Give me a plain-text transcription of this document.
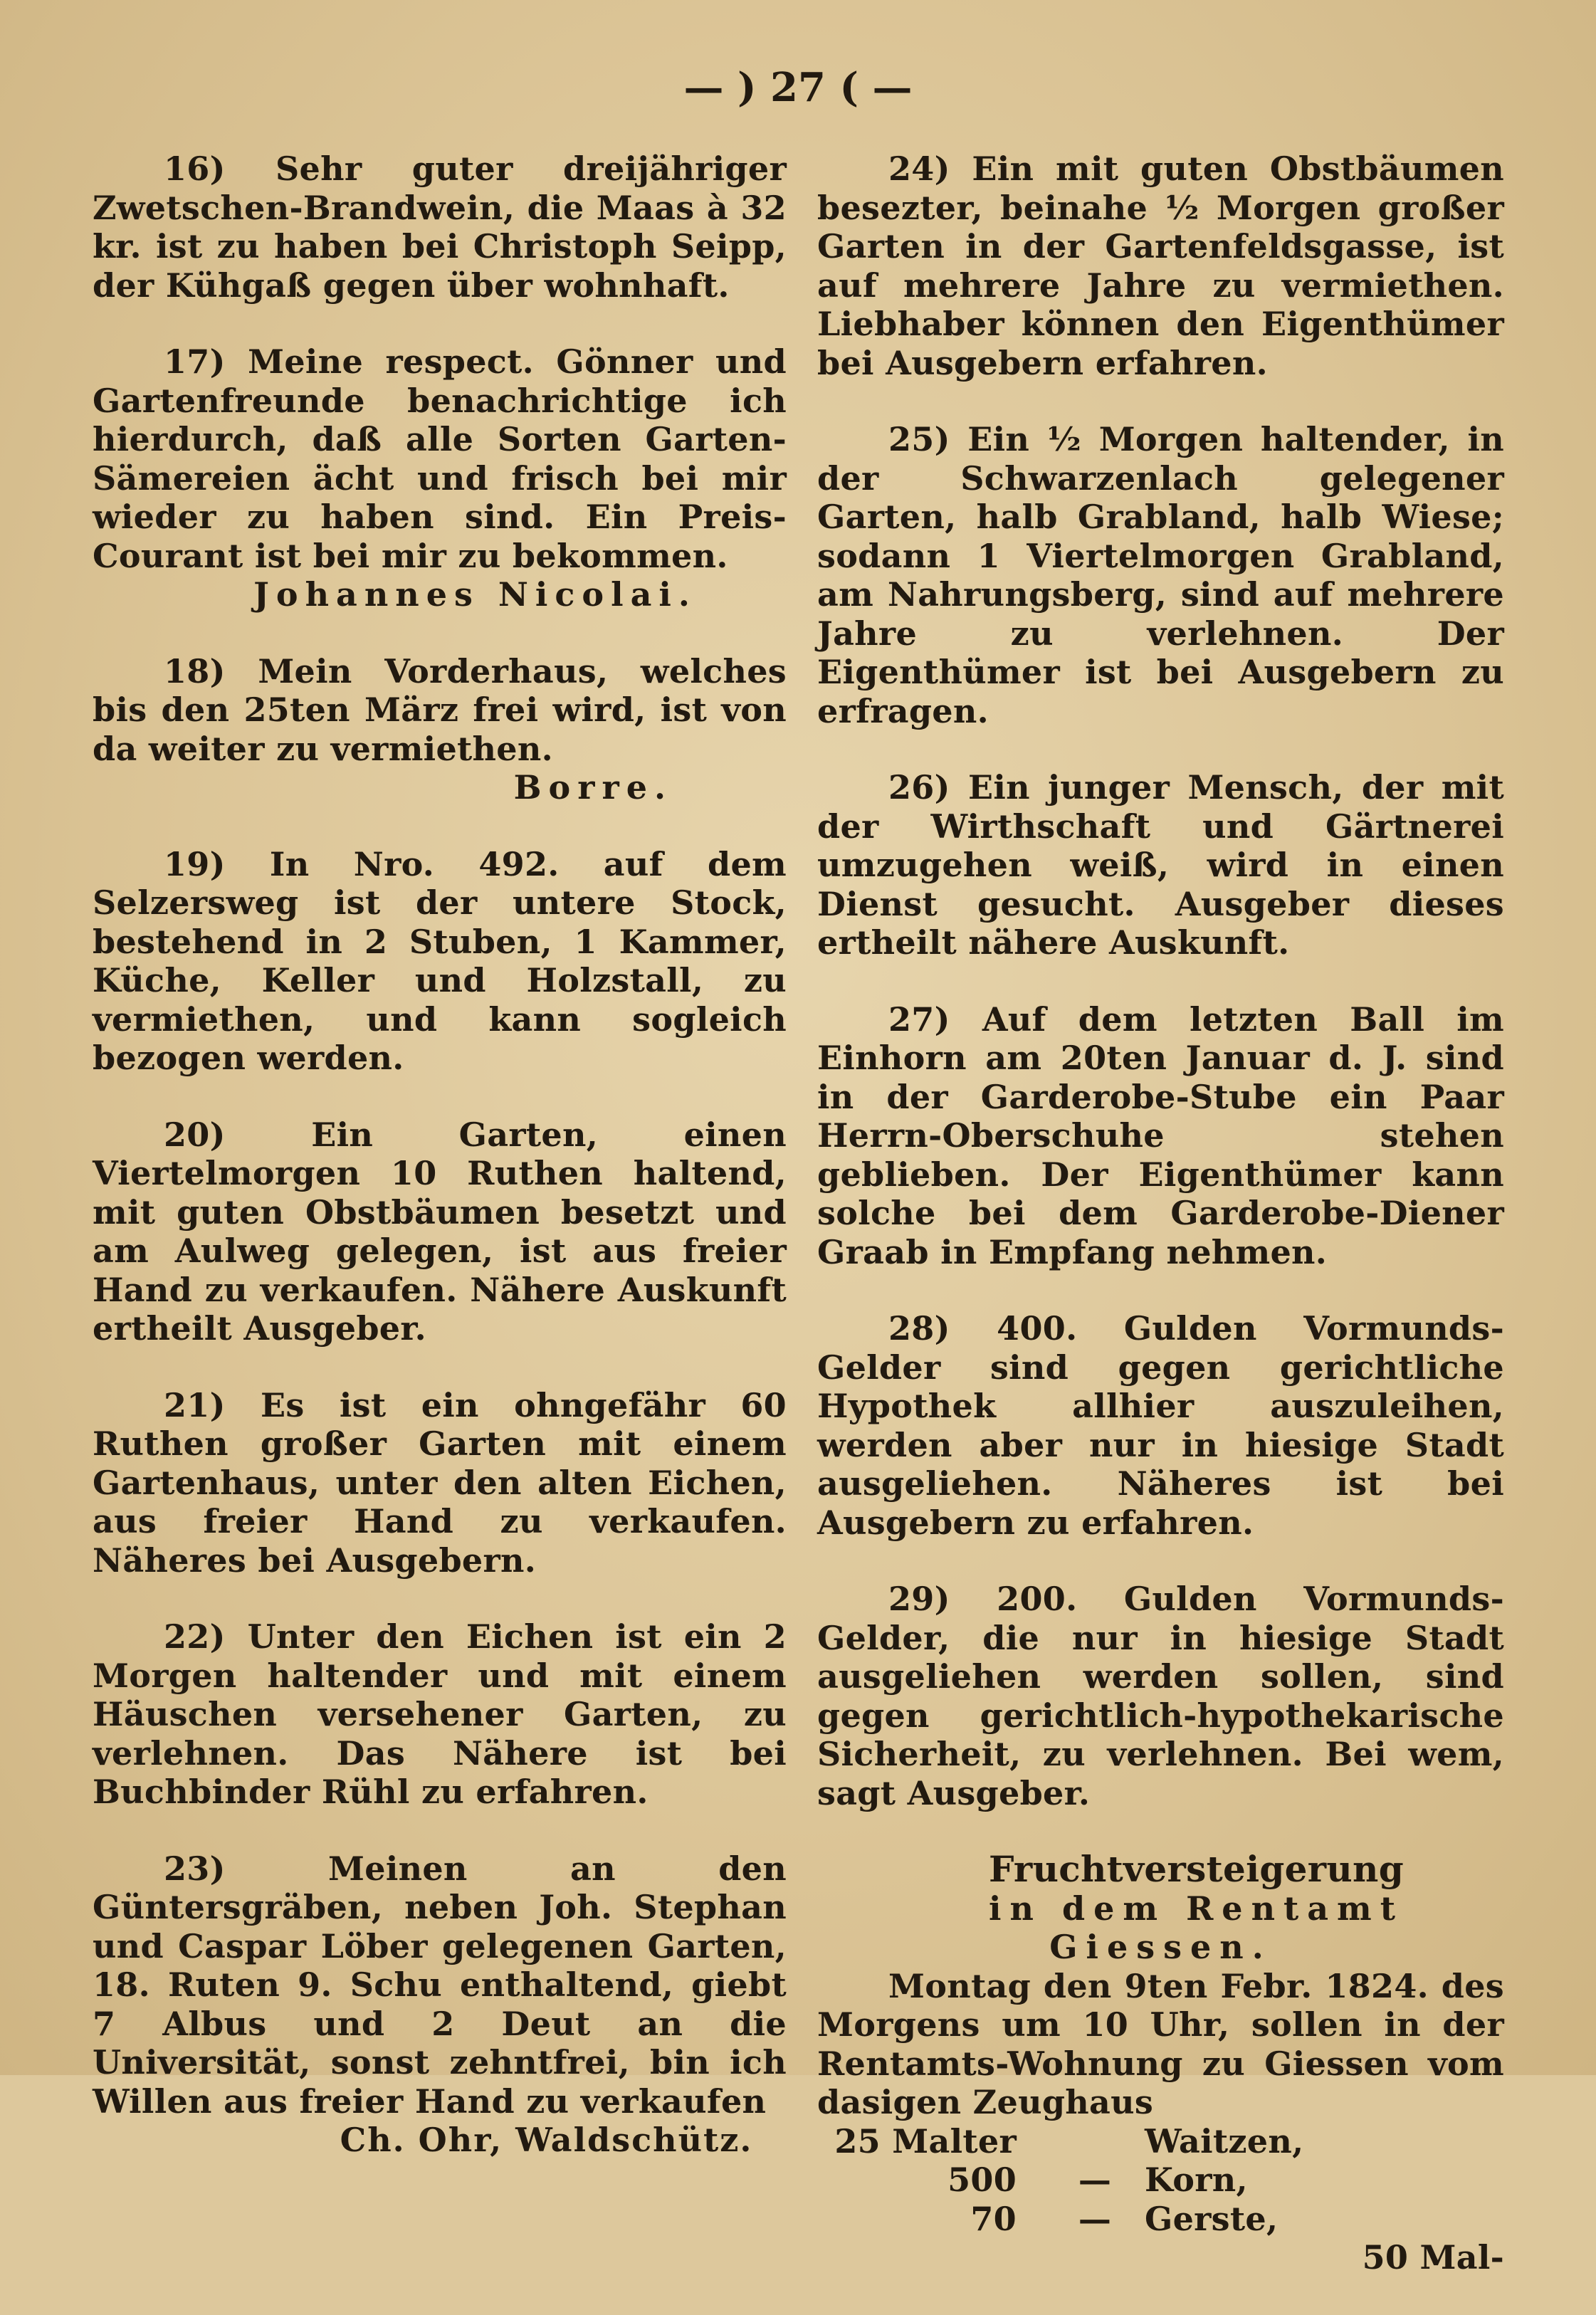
— ) 27 ( —

16) Sehr guter dreijähriger Zwetschen-Brandwein, die Maas à 32 kr. ist zu haben bei Christoph Seipp, der Kühgaß gegen über wohnhaft.

17) Meine respect. Gönner und Gartenfreunde benachrichtige ich hierdurch, daß alle Sorten Garten-Sämereien ächt und frisch bei mir wieder zu haben sind. Ein Preis-Courant ist bei mir zu bekommen.

Johannes Nicolai.

18) Mein Vorderhaus, welches bis den 25ten März frei wird, ist von da weiter zu vermiethen.

Borre.

19) In Nro. 492. auf dem Selzersweg ist der untere Stock, bestehend in 2 Stuben, 1 Kammer, Küche, Keller und Holzstall, zu vermiethen, und kann sogleich bezogen werden.

20) Ein Garten, einen Viertelmorgen 10 Ruthen haltend, mit guten Obstbäumen besetzt und am Aulweg gelegen, ist aus freier Hand zu verkaufen. Nähere Auskunft ertheilt Ausgeber.

21) Es ist ein ohngefähr 60 Ruthen großer Garten mit einem Gartenhaus, unter den alten Eichen, aus freier Hand zu verkaufen. Näheres bei Ausgebern.

22) Unter den Eichen ist ein 2 Morgen haltender und mit einem Häuschen versehener Garten, zu verlehnen. Das Nähere ist bei Buchbinder Rühl zu erfahren.

23) Meinen an den Güntersgräben, neben Joh. Stephan und Caspar Löber gelegenen Garten, 18. Ruten 9. Schu enthaltend, giebt 7 Albus und 2 Deut an die Universität, sonst zehntfrei, bin ich Willen aus freier Hand zu verkaufen

Ch. Ohr, Waldschütz.

24) Ein mit guten Obstbäumen besezter, beinahe ½ Morgen großer Garten in der Gartenfeldsgasse, ist auf mehrere Jahre zu vermiethen. Liebhaber können den Eigenthümer bei Ausgebern erfahren.

25) Ein ½ Morgen haltender, in der Schwarzenlach gelegener Garten, halb Grabland, halb Wiese; sodann 1 Viertelmorgen Grabland, am Nahrungsberg, sind auf mehrere Jahre zu verlehnen. Der Eigenthümer ist bei Ausgebern zu erfragen.

26) Ein junger Mensch, der mit der Wirthschaft und Gärtnerei umzugehen weiß, wird in einen Dienst gesucht. Ausgeber dieses ertheilt nähere Auskunft.

27) Auf dem letzten Ball im Einhorn am 20ten Januar d. J. sind in der Garderobe-Stube ein Paar Herrn-Oberschuhe stehen geblieben. Der Eigenthümer kann solche bei dem Garderobe-Diener Graab in Empfang nehmen.

28) 400. Gulden Vormunds-Gelder sind gegen gerichtliche Hypothek allhier auszuleihen, werden aber nur in hiesige Stadt ausgeliehen. Näheres ist bei Ausgebern zu erfahren.

29) 200. Gulden Vormunds-Gelder, die nur in hiesige Stadt ausgeliehen werden sollen, sind gegen gerichtlich-hypothekarische Sicherheit, zu verlehnen. Bei wem, sagt Ausgeber.

Fruchtversteigerung

in dem Rentamt Giessen.

Montag den 9ten Febr. 1824. des Morgens um 10 Uhr, sollen in der Rentamts-Wohnung zu Giessen vom dasigen Zeughaus

25 Malter	Waitzen,
500	—	Korn,
70	—	Gerste,

50 Mal-
